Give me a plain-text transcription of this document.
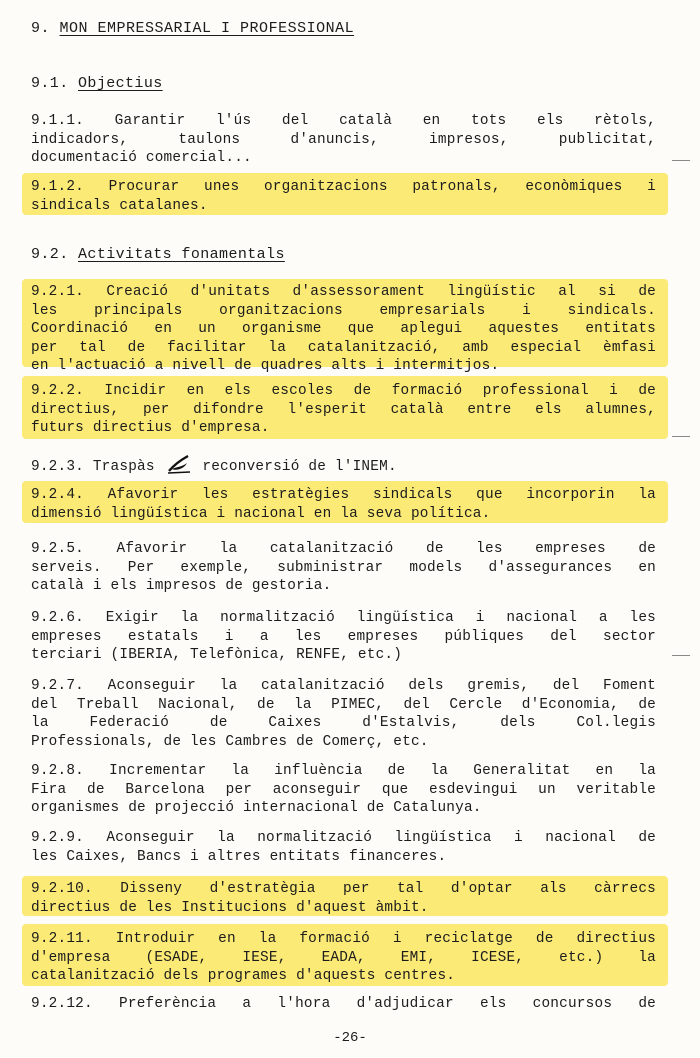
9. MON EMPRESSARIAL I PROFESSIONAL
9.1. Objectius
9.1.1. Garantir l'ús del català en tots els rètols,
indicadors, taulons d'anuncis, impresos, publicitat,
documentació comercial...
9.1.2. Procurar unes organitzacions patronals, econòmiques i
sindicals catalanes.
9.2. Activitats fonamentals
9.2.1. Creació d'unitats d'assessorament lingüístic al si de
les principals organitzacions empresarials i sindicals.
Coordinació en un organisme que aplegui aquestes entitats
per tal de facilitar la catalanització, amb especial èmfasi
en l'actuació a nivell de quadres alts i intermitjos.
9.2.2. Incidir en els escoles de formació professional i de
directius, per difondre l'esperit català entre els alumnes,
futurs directius d'empresa.
9.2.3. Traspàs	reconversió de l'INEM.
9.2.4. Afavorir les estratègies sindicals que incorporin la
dimensió lingüística i nacional en la seva política.
9.2.5. Afavorir la catalanització de les empreses de
serveis. Per exemple, subministrar models d'assegurances en
català i els impresos de gestoria.
9.2.6. Exigir la normalització lingüística i nacional a les
empreses estatals i a les empreses públiques del sector
terciari (IBERIA, Telefònica, RENFE, etc.)
9.2.7. Aconseguir la catalanització dels gremis, del Foment
del Treball Nacional, de la PIMEC, del Cercle d'Economia, de
la Federació de Caixes d'Estalvis, dels Col.legis
Professionals, de les Cambres de Comerç, etc.
9.2.8. Incrementar la influència de la Generalitat en la
Fira de Barcelona per aconseguir que esdevingui un veritable
organismes de projecció internacional de Catalunya.
9.2.9. Aconseguir la normalització lingüística i nacional de
les Caixes, Bancs i altres entitats financeres.
9.2.10. Disseny d'estratègia per tal d'optar als càrrecs
directius de les Institucions d'aquest àmbit.
9.2.11. Introduir en la formació i reciclatge de directius
d'empresa (ESADE, IESE, EADA, EMI, ICESE, etc.) la
catalanització dels programes d'aquests centres.
9.2.12. Preferència a l'hora d'adjudicar els concursos de
-26-
